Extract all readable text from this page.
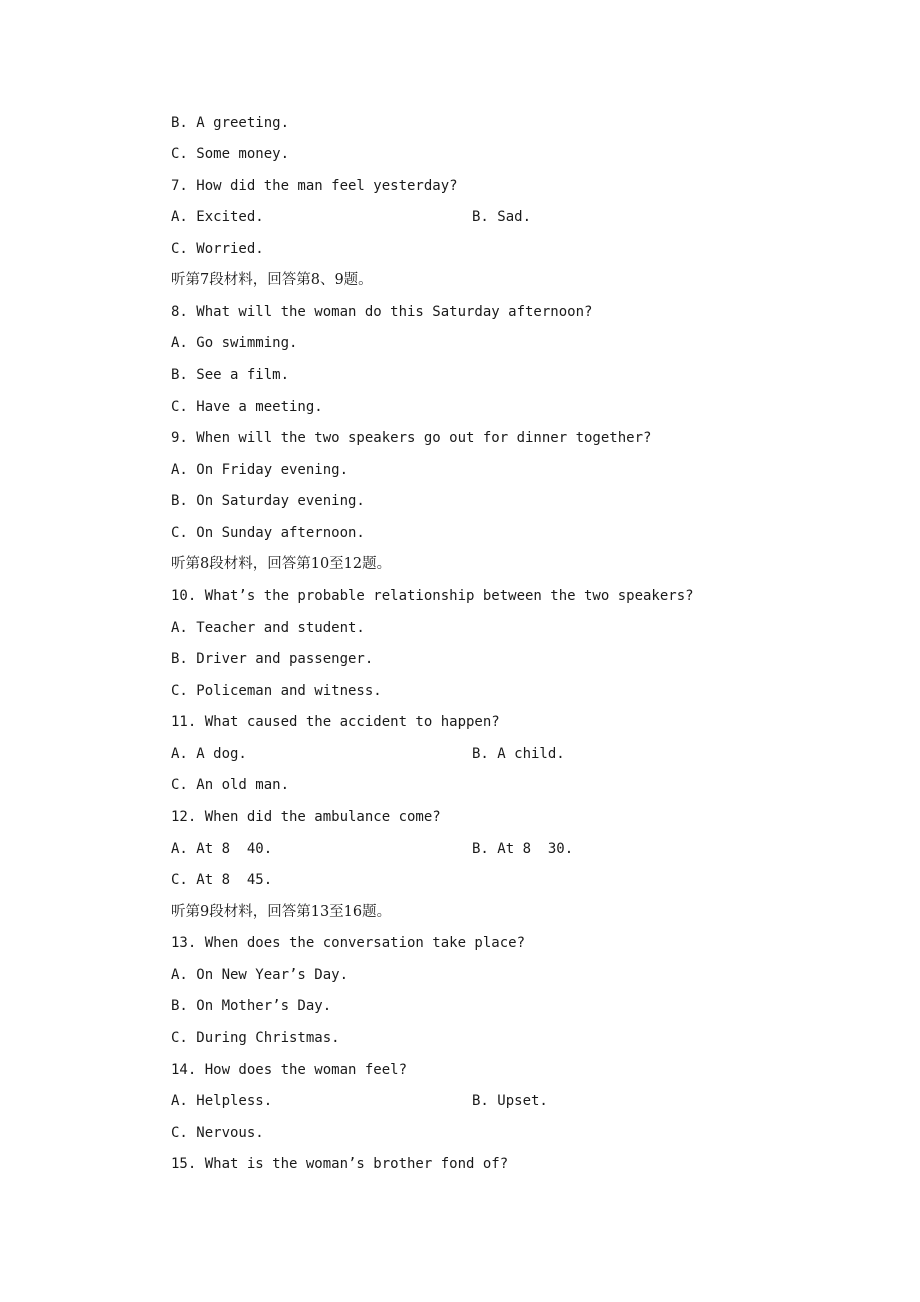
B. A greeting.
C. Some money.
7. How did the man feel yesterday?
A. Excited.	B. Sad.
C. Worried.
听第7段材料，回答第8、9题。
8. What will the woman do this Saturday afternoon?
A. Go swimming.
B. See a film.
C. Have a meeting.
9. When will the two speakers go out for dinner together?
A. On Friday evening.
B. On Saturday evening.
C. On Sunday afternoon.
听第8段材料，回答第10至12题。
10. What’s the probable relationship between the two speakers?
A. Teacher and student.
B. Driver and passenger.
C. Policeman and witness.
11. What caused the accident to happen?
A. A dog.	B. A child.
C. An old man.
12. When did the ambulance come?
A. At 8  40.	B. At 8  30.
C. At 8  45.
听第9段材料，回答第13至16题。
13. When does the conversation take place?
A. On New Year’s Day.
B. On Mother’s Day.
C. During Christmas.
14. How does the woman feel?
A. Helpless.	B. Upset.
C. Nervous.
15. What is the woman’s brother fond of?
